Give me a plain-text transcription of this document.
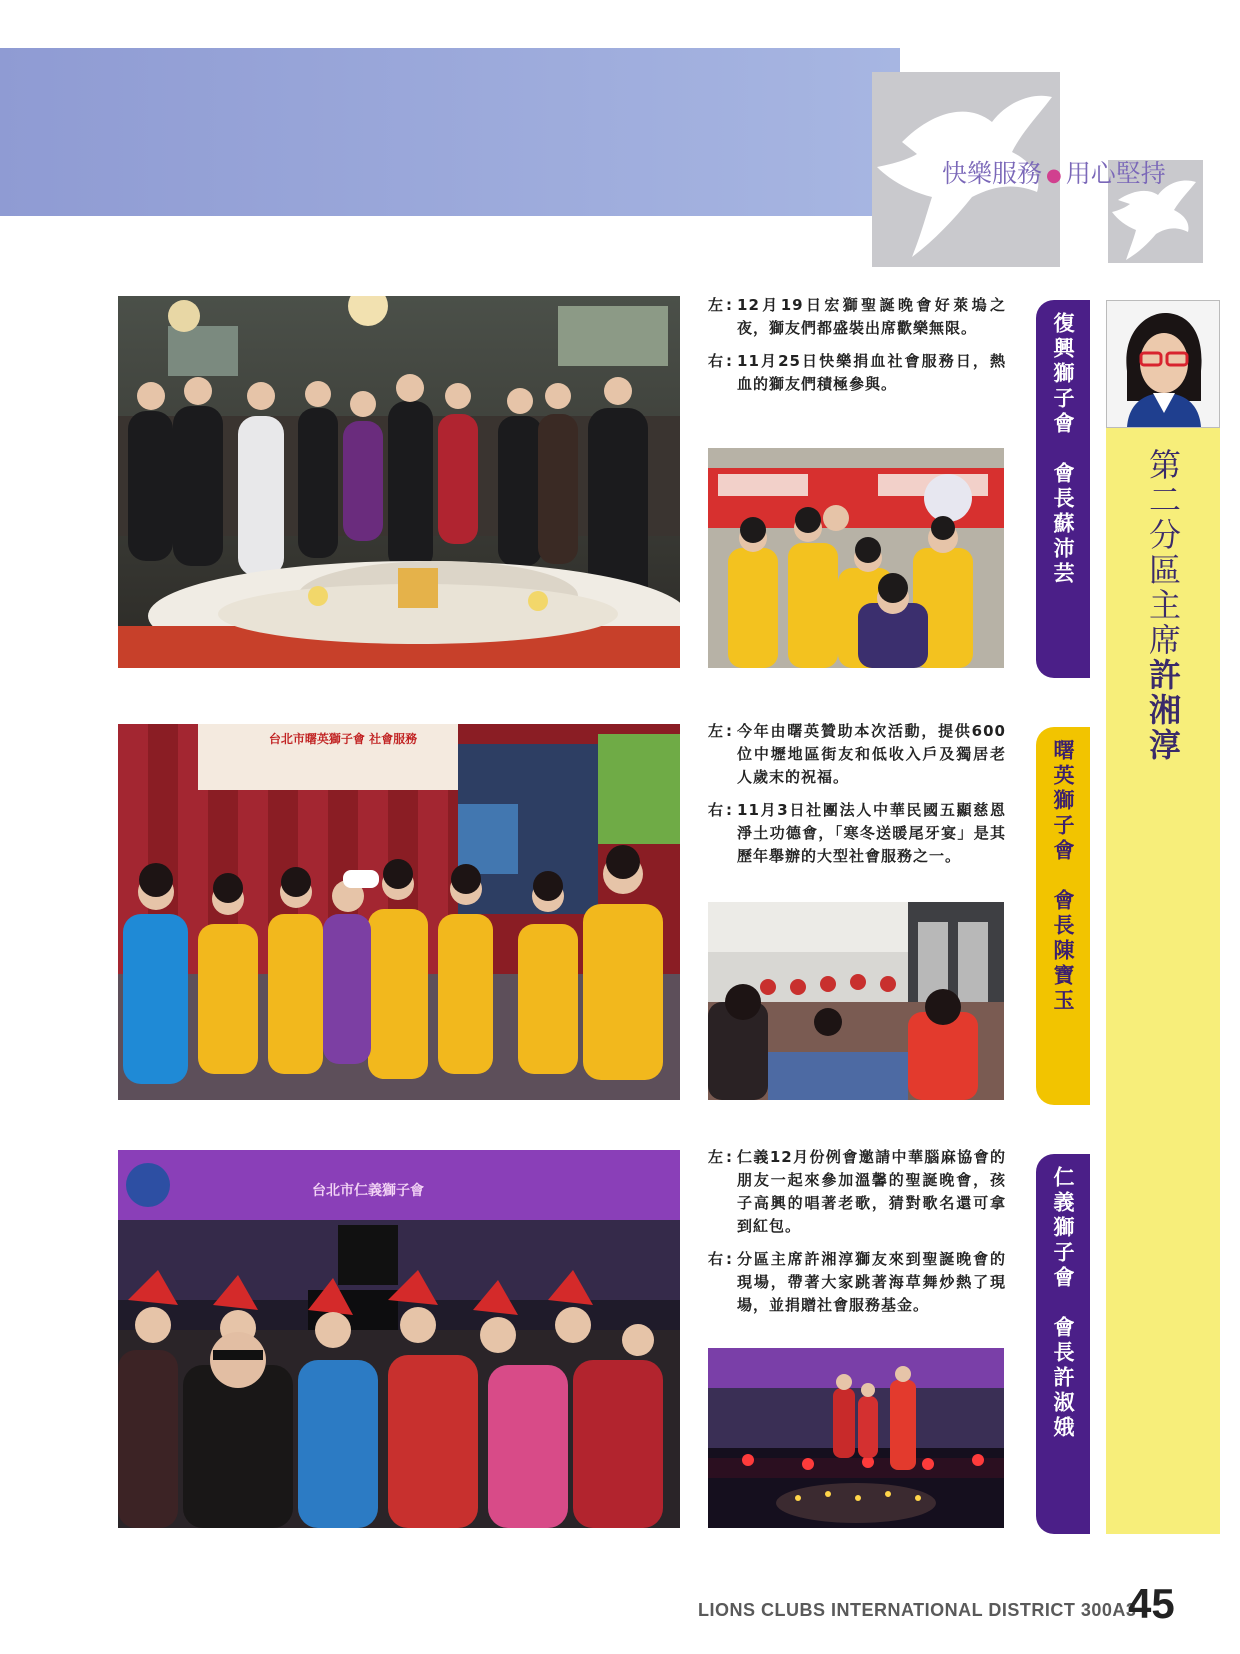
快樂服務 ● 用心堅持
台北市曙英獅子會 社會服務
台北市仁義獅子會
左 : 12月19日宏獅聖誕晚會好萊塢之夜，獅友們都盛裝出席歡樂無限。
右 : 11月25日快樂捐血社會服務日，熱血的獅友們積極參與。
左 : 今年由曙英贊助本次活動，提供600位中壢地區街友和低收入戶及獨居老人歲末的祝福。
右 : 11月3日社團法人中華民國五顯慈恩淨土功德會，「寒冬送暖尾牙宴」是其歷年舉辦的大型社會服務之一。
左 : 仁義12月份例會邀請中華腦麻協會的朋友一起來參加溫馨的聖誕晚會，孩子高興的唱著老歌，猜對歌名還可拿到紅包。
右 : 分區主席許湘淳獅友來到聖誕晚會的現場，帶著大家跳著海草舞炒熱了現場，並捐贈社會服務基金。
復興獅子會　會長蘇沛芸
曙英獅子會　會長陳寶玉
仁義獅子會　會長許淑娥
第二分區主席許湘淳
LIONS CLUBS INTERNATIONAL DISTRICT 300A3
45
